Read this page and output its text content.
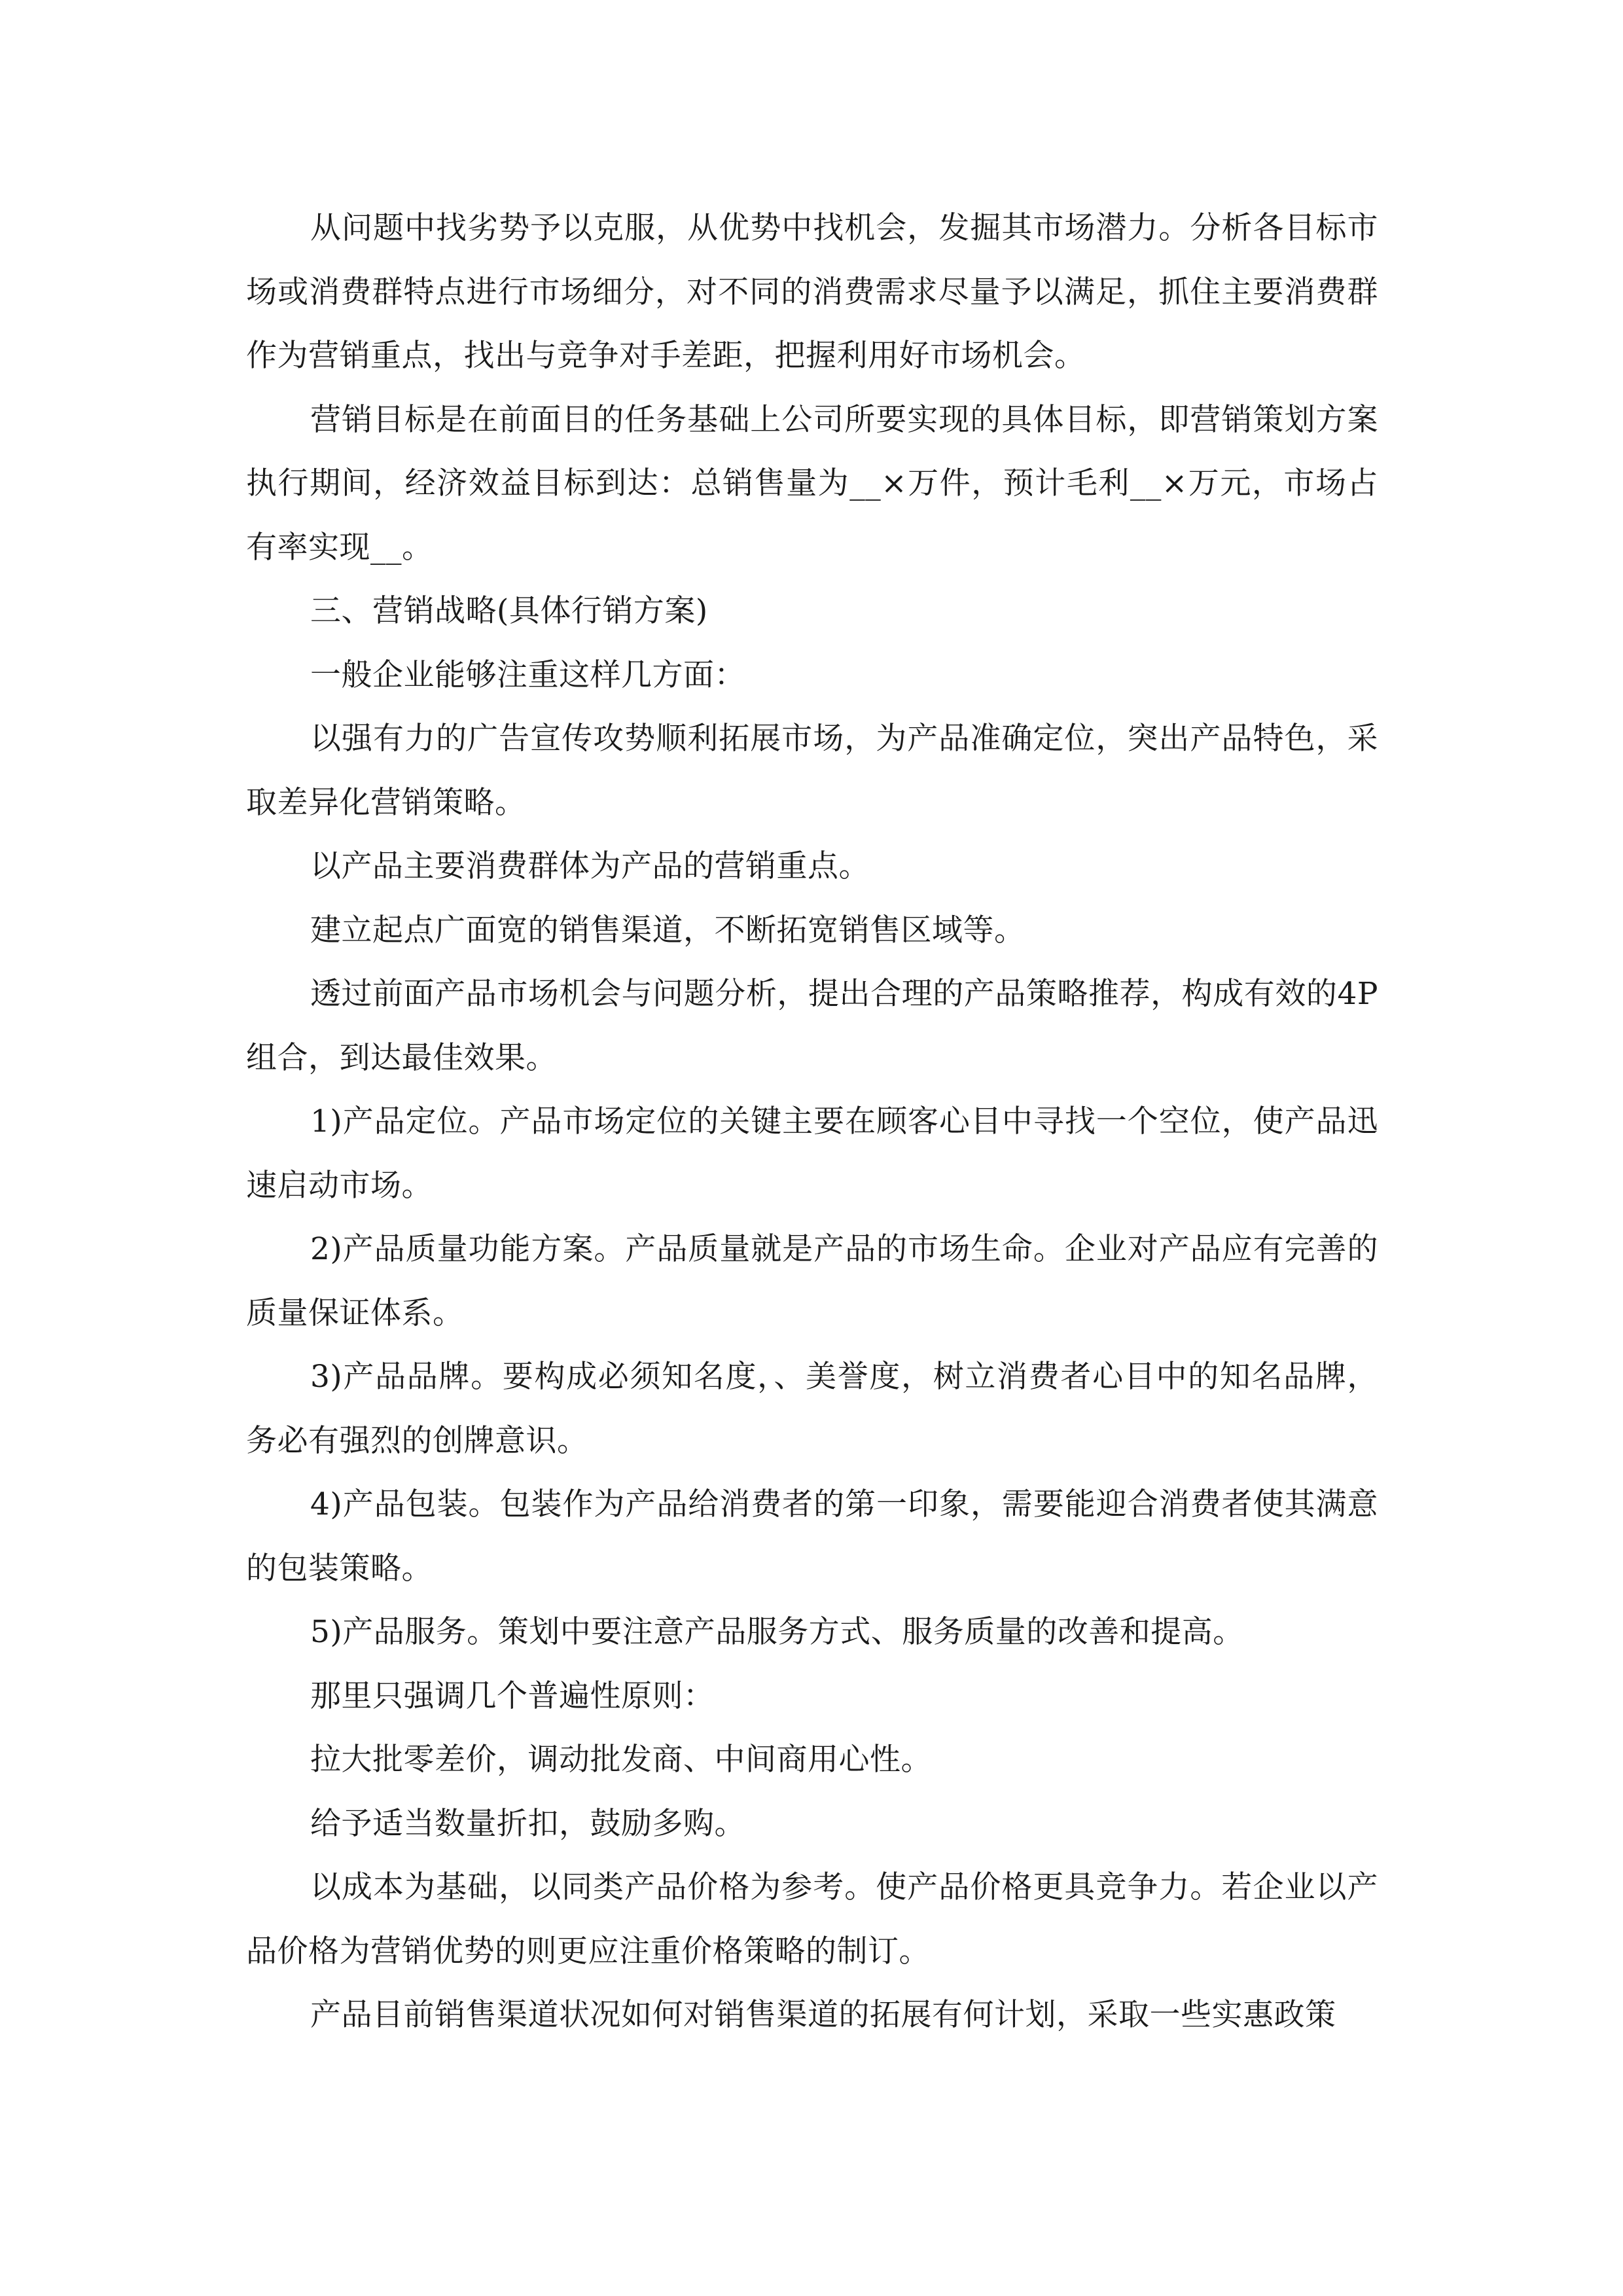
从问题中找劣势予以克服，从优势中找机会，发掘其市场潜力。分析各目标市场或消费群特点进行市场细分，对不同的消费需求尽量予以满足，抓住主要消费群作为营销重点，找出与竞争对手差距，把握利用好市场机会。

营销目标是在前面目的任务基础上公司所要实现的具体目标，即营销策划方案执行期间，经济效益目标到达：总销售量为__×万件，预计毛利__×万元，市场占有率实现__。

三、营销战略(具体行销方案)

一般企业能够注重这样几方面：

以强有力的广告宣传攻势顺利拓展市场，为产品准确定位，突出产品特色，采取差异化营销策略。

以产品主要消费群体为产品的营销重点。

建立起点广面宽的销售渠道，不断拓宽销售区域等。

透过前面产品市场机会与问题分析，提出合理的产品策略推荐，构成有效的4P组合，到达最佳效果。

1)产品定位。产品市场定位的关键主要在顾客心目中寻找一个空位，使产品迅速启动市场。

2)产品质量功能方案。产品质量就是产品的市场生命。企业对产品应有完善的质量保证体系。

3)产品品牌。要构成必须知名度，、美誉度，树立消费者心目中的知名品牌，务必有强烈的创牌意识。

4)产品包装。包装作为产品给消费者的第一印象，需要能迎合消费者使其满意的包装策略。

5)产品服务。策划中要注意产品服务方式、服务质量的改善和提高。

那里只强调几个普遍性原则：

拉大批零差价，调动批发商、中间商用心性。

给予适当数量折扣，鼓励多购。

以成本为基础，以同类产品价格为参考。使产品价格更具竞争力。若企业以产品价格为营销优势的则更应注重价格策略的制订。

产品目前销售渠道状况如何对销售渠道的拓展有何计划，采取一些实惠政策
